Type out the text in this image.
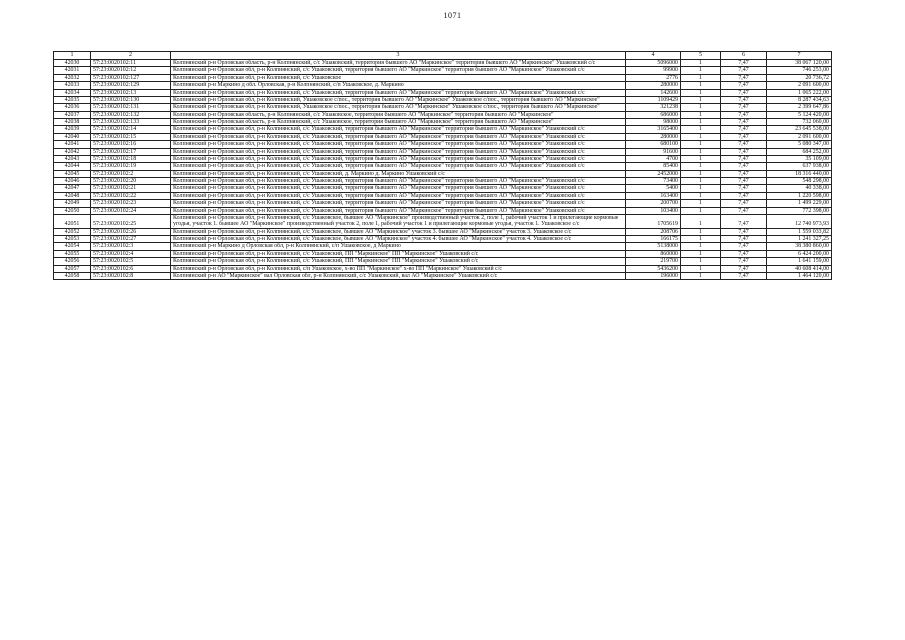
1071
1	2	3	4	5	6	7
42030	57:23:0020102:11	Колпнянский р-н Орловская область, р-н Колпнянский, с/с Ушаковский, территория бывшего АО "Маркинское" территория бывшего АО "Маркинское" Ушаковский с/с	5096000	1	7,47	38 067 120,00
42031	57:23:0020102:12	Колпнянский р-н Орловская обл, р-н Колпнянский, с/с Ушаковский, территория бывшего АО "Маркинское" территория бывшего АО "Маркинское" Ушаковский с/с	99900	1	7,47	746 253,00
42032	57:23:0020102:127	Колпнянский р-н Орловская обл, р-н Колпнянский, с/с Ушаковское	2776	1	7,47	20 736,72
42033	57:23:0020102:129	Колпнянский р-н Маркино д обл. Орловская, р-н Колпнянский, с/п Ушаковское, д. Маркино	280000	1	7,47	2 091 600,00
42034	57:23:0020102:13	Колпнянский р-н Орловская обл, р-н Колпнянский, с/с Ушаковский, территория бывшего АО "Маркинское" территория бывшего АО "Маркинское" Ушаковский с/с	142600	1	7,47	1 065 222,00
42035	57:23:0020102:130	Колпнянский р-н Орловская обл, р-н Колпнянский, Ушаковское с/пос., территория бывшего АО "Маркинское" Ушаковское с/пос., территория бывшего АО "Маркинское"	1109429	1	7,47	8 287 434,63
42036	57:23:0020102:131	Колпнянский р-н Орловская обл, р-н Колпнянский, Ушаковское с/пос., территория бывшего АО "Маркинское" Ушаковское с/пос., территория бывшего АО "Маркинское"	321238	1	7,47	2 399 647,86
42037	57:23:0020102:132	Колпнянский р-н Орловская область, р-н Колпнянский, с/с Ушаковское, территория бывшего АО "Маркинское" территория бывшего АО "Маркинское"	686000	1	7,47	5 124 420,00
42038	57:23:0020102:133	Колпнянский р-н Орловская область, р-н Колпнянский, с/с Ушаковское, территория бывшего АО "Маркинское" территория бывшего АО "Маркинское"	98000	1	7,47	732 060,00
42039	57:23:0020102:14	Колпнянский р-н Орловская обл, р-н Колпнянский, с/с Ушаковский, территория бывшего АО "Маркинское" территория бывшего АО "Маркинское" Ушаковский с/с	3165400	1	7,47	23 645 538,00
42040	57:23:0020102:15	Колпнянский р-н Орловская обл, р-н Колпнянский, с/с Ушаковский, территория бывшего АО "Маркинское" территория бывшего АО "Маркинское" Ушаковский с/с	280000	1	7,47	2 091 600,00
42041	57:23:0020102:16	Колпнянский р-н Орловская обл, р-н Колпнянский, с/с Ушаковский, территория бывшего АО "Маркинское" территория бывшего АО "Маркинское" Ушаковский с/с	680100	1	7,47	5 080 347,00
42042	57:23:0020102:17	Колпнянский р-н Орловская обл, р-н Колпнянский, с/с Ушаковский, территория бывшего АО "Маркинское" территория бывшего АО "Маркинское" Ушаковский с/с	91600	1	7,47	684 252,00
42043	57:23:0020102:18	Колпнянский р-н Орловская обл, р-н Колпнянский, с/с Ушаковский, территория бывшего АО "Маркинское" территория бывшего АО "Маркинское" Ушаковский с/с	4700	1	7,47	35 109,00
42044	57:23:0020102:19	Колпнянский р-н Орловская обл, р-н Колпнянский, с/с Ушаковский, территория бывшего АО "Маркинское" территория бывшего АО "Маркинское" Ушаковский с/с	85400	1	7,47	637 938,00
42045	57:23:0020102:2	Колпнянский р-н Орловская обл, р-н Колпнянский, с/с Ушаковский, д. Маркино д. Маркино Ушаковский с/с	2452000	1	7,47	18 316 440,00
42046	57:23:0020102:20	Колпнянский р-н Орловская обл, р-н Колпнянский, с/с Ушаковский, территория бывшего АО "Маркинское" территория бывшего АО "Маркинское" Ушаковский с/с	73400	1	7,47	548 298,00
42047	57:23:0020102:21	Колпнянский р-н Орловская обл, р-н Колпнянский, с/с Ушаковский, территория бывшего АО "Маркинское" территория бывшего АО "Маркинское" Ушаковский с/с	5400	1	7,47	40 338,00
42048	57:23:0020102:22	Колпнянский р-н Орловская обл, р-н Колпнянский, с/с Ушаковский, территория бывшего АО "Маркинское" территория бывшего АО "Маркинское" Ушаковский с/с	163400	1	7,47	1 220 598,00
42049	57:23:0020102:23	Колпнянский р-н Орловская обл, р-н Колпнянский, с/с Ушаковский, территория бывшего АО "Маркинское" территория бывшего АО "Маркинское" Ушаковский с/с	200700	1	7,47	1 499 229,00
42050	57:23:0020102:24	Колпнянский р-н Орловская обл, р-н Колпнянский, с/с Ушаковский, территория бывшего АО "Маркинское" территория бывшего АО "Маркинское" Ушаковский с/с	103400	1	7,47	772 398,00
42051	57:23:0020102:25	Колпнянский р-н Орловская обл, р-н Колпнянский, с/с Ушаковское, бывшее АО "Маркинское" производственный участок 2, поле 1, рабочий участок 1 и прилегающие кормовые угодья, участок 1. бывшее АО "Маркинское" производственный участок 2, поле 1, рабочий участок 1 и прилегающие кормовые угодья, участок 1. Ушаковское с/с	1705619	1	7,47	12 740 973,93
42052	57:23:0020102:26	Колпнянский р-н Орловская обл, р-н Колпнянский, с/с Ушаковское, бывшее АО "Маркинское" участок 3. бывшее АО "Маркинское" участок 3. Ушаковское с/с	208706	1	7,47	1 559 033,82
42053	57:23:0020102:27	Колпнянский р-н Орловская обл, р-н Колпнянский, с/с Ушаковское, бывшее АО "Маркинское" участок 4. бывшее АО "Маркинское" участок 4. Ушаковское с/с	166175	1	7,47	1 241 327,25
42054	57:23:0020102:3	Колпнянский р-н Маркино д Орловская обл, р-н Колпнянский, с/п Ушаковское, д Маркино	5138000	1	7,47	38 380 860,00
42055	57:23:0020102:4	Колпнянский р-н Орловская обл, р-н Колпнянский, с/с Ушаковский, ПП "Маркинское" ПП "Маркинское" Ушаковский с/с	860000	1	7,47	6 424 200,00
42056	57:23:0020102:5	Колпнянский р-н Орловская обл, р-н Колпнянский, с/с Ушаковский, ПП "Маркинское" ПП "Маркинское" Ушаковский с/с	219700	1	7,47	1 641 159,00
42057	57:23:0020102:6	Колпнянский р-н Орловская обл, р-н Колпнянский, с/п Ушаковское, х-во ПП "Маркинское" х-во ПП "Маркинское" Ушаковский с/с	5436200	1	7,47	40 608 414,00
42058	57:23:0020102:8	Колпнянский р-н АО "Маркинское" вал Орловская обл, р-н Колпнянский, с/с Ушаковский, вал АО "Маркинское" Ушаковский с/с	196000	1	7,47	1 464 120,00
